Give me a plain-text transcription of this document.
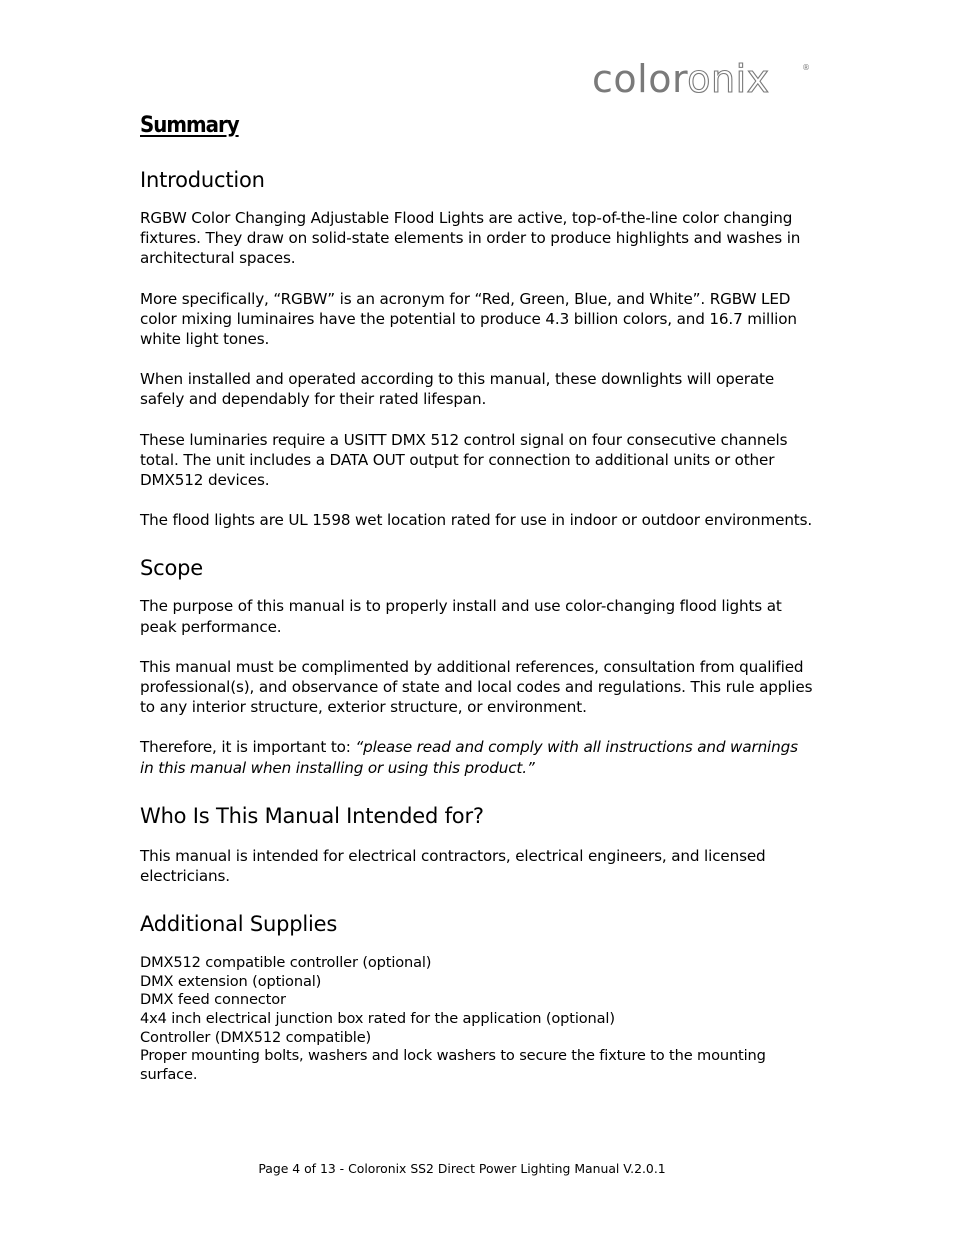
coloronix	®
Summary
Introduction

RGBW Color Changing Adjustable Flood Lights are active, top-of-the-line color changing fixtures. They draw on solid-state elements in order to produce highlights and washes in architectural spaces.

More specifically, “RGBW” is an acronym for “Red, Green, Blue, and White”. RGBW LED color mixing luminaires have the potential to produce 4.3 billion colors, and 16.7 million white light tones.

When installed and operated according to this manual, these downlights will operate safely and dependably for their rated lifespan.

These luminaries require a USITT DMX 512 control signal on four consecutive channels total. The unit includes a DATA OUT output for connection to additional units or other DMX512 devices.

The flood lights are UL 1598 wet location rated for use in indoor or outdoor environments.

Scope

The purpose of this manual is to properly install and use color-changing flood lights at peak performance.

This manual must be complimented by additional references, consultation from qualified professional(s), and observance of state and local codes and regulations. This rule applies to any interior structure, exterior structure, or environment.

Therefore, it is important to: “please read and comply with all instructions and warnings in this manual when installing or using this product.”

Who Is This Manual Intended for?

This manual is intended for electrical contractors, electrical engineers, and licensed electricians.

Additional Supplies
DMX512 compatible controller (optional)
DMX extension (optional)
DMX feed connector
4x4 inch electrical junction box rated for the application (optional)
Controller (DMX512 compatible)
Proper mounting bolts, washers and lock washers to secure the fixture to the mounting surface.
Page 4 of 13 - Coloronix SS2 Direct Power Lighting Manual V.2.0.1
